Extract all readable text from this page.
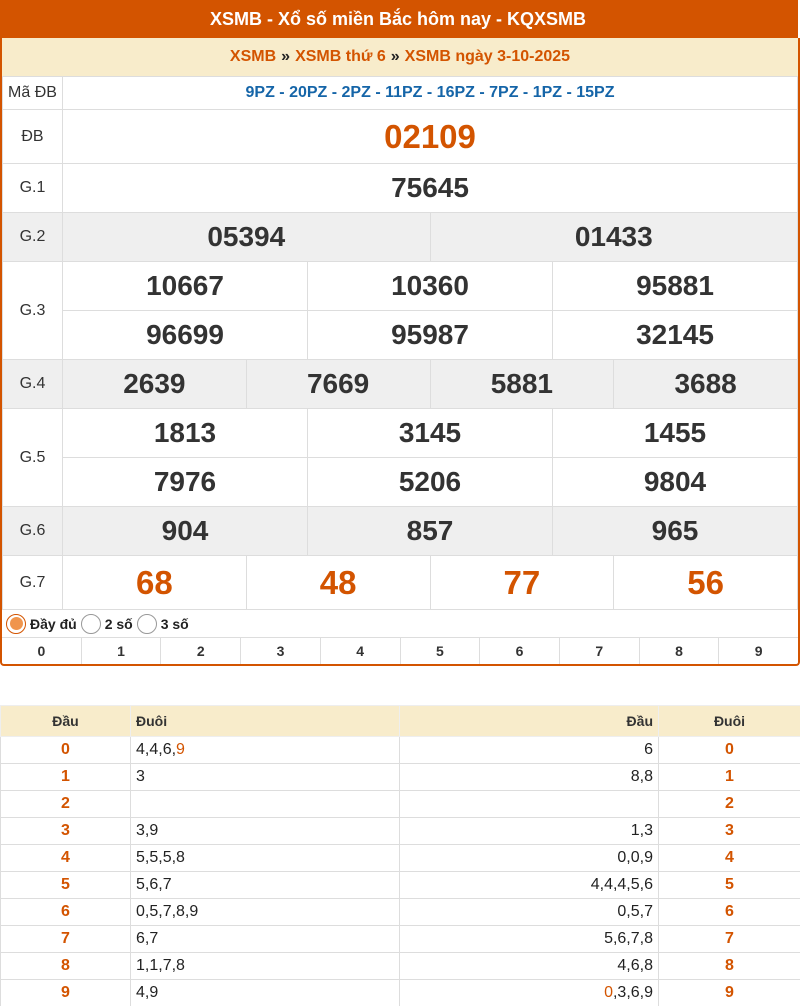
XSMB - Xổ số miền Bắc hôm nay - KQXSMB
XSMB » XSMB thứ 6 » XSMB ngày 3-10-2025
Mã ĐB	9PZ - 20PZ - 2PZ - 11PZ - 16PZ - 7PZ - 1PZ - 15PZ					
ĐB	02109					
G.1	75645					
G.2	05394			01433		
G.3	10667		10360		95881	
	96699		95987		32145	
G.4	2639	7669		5881		3688
G.5	1813		3145		1455	
	7976		5206		9804	
G.6	904		857		965	
G.7	68	48		77		56
Đầy đủ 2 số 3 số
0	1	2	3	4	5	6	7	8	9
Đầu	Đuôi	Đầu	Đuôi
0	4,4,6,9	6	0
1	3	8,8	1
2			2
3	3,9	1,3	3
4	5,5,5,8	0,0,9	4
5	5,6,7	4,4,4,5,6	5
6	0,5,7,8,9	0,5,7	6
7	6,7	5,6,7,8	7
8	1,1,7,8	4,6,8	8
9	4,9	0,3,6,9	9
